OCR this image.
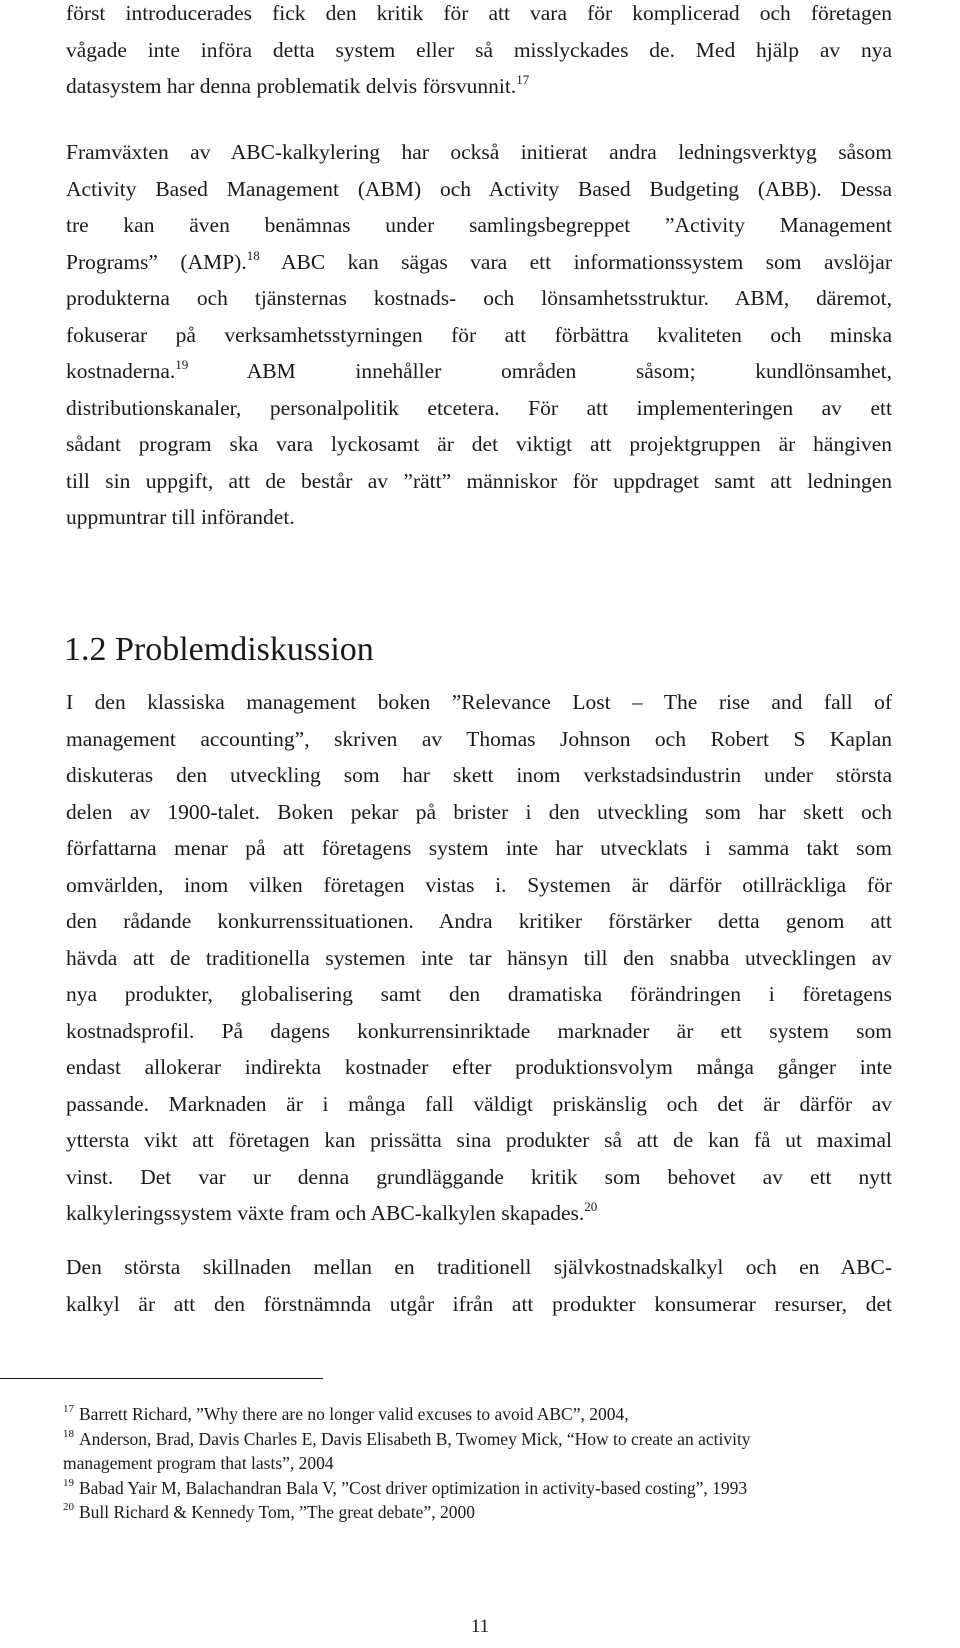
först introducerades fick den kritik för att vara för komplicerad och företagen
vågade inte införa detta system eller så misslyckades de. Med hjälp av nya
datasystem har denna problematik delvis försvunnit.$^{17}$

Framväxten av ABC-kalkylering har också initierat andra ledningsverktyg såsom
Activity Based Management (ABM) och Activity Based Budgeting (ABB). Dessa
tre kan även benämnas under samlingsbegreppet ”Activity Management
Programs” (AMP).$^{18}$ ABC kan sägas vara ett informationssystem som avslöjar
produkterna och tjänsternas kostnads- och lönsamhetsstruktur. ABM, däremot,
fokuserar på verksamhetsstyrningen för att förbättra kvaliteten och minska
kostnaderna.$^{19}$ ABM innehåller områden såsom; kundlönsamhet,
distributionskanaler, personalpolitik etcetera. För att implementeringen av ett
sådant program ska vara lyckosamt är det viktigt att projektgruppen är hängiven
till sin uppgift, att de består av ”rätt” människor för uppdraget samt att ledningen
uppmuntrar till införandet.

1.2 Problemdiskussion

I den klassiska management boken ”Relevance Lost – The rise and fall of
management accounting”, skriven av Thomas Johnson och Robert S Kaplan
diskuteras den utveckling som har skett inom verkstadsindustrin under största
delen av 1900-talet. Boken pekar på brister i den utveckling som har skett och
författarna menar på att företagens system inte har utvecklats i samma takt som
omvärlden, inom vilken företagen vistas i. Systemen är därför otillräckliga för
den rådande konkurrenssituationen. Andra kritiker förstärker detta genom att
hävda att de traditionella systemen inte tar hänsyn till den snabba utvecklingen av
nya produkter, globalisering samt den dramatiska förändringen i företagens
kostnadsprofil. På dagens konkurrensinriktade marknader är ett system som
endast allokerar indirekta kostnader efter produktionsvolym många gånger inte
passande. Marknaden är i många fall väldigt priskänslig och det är därför av
yttersta vikt att företagen kan prissätta sina produkter så att de kan få ut maximal
vinst. Det var ur denna grundläggande kritik som behovet av ett nytt
kalkyleringssystem växte fram och ABC-kalkylen skapades.$^{20}$

Den största skillnaden mellan en traditionell självkostnadskalkyl och en ABC-
kalkyl är att den förstnämnda utgår ifrån att produkter konsumerar resurser, det

$^{17}$ Barrett Richard, ”Why there are no longer valid excuses to avoid ABC”, 2004,
$^{18}$ Anderson, Brad, Davis Charles E, Davis Elisabeth B, Twomey Mick, “How to create an activity
management program that lasts”, 2004
$^{19}$ Babad Yair M, Balachandran Bala V, ”Cost driver optimization in activity-based costing”, 1993
$^{20}$ Bull Richard & Kennedy Tom, ”The great debate”, 2000
11
